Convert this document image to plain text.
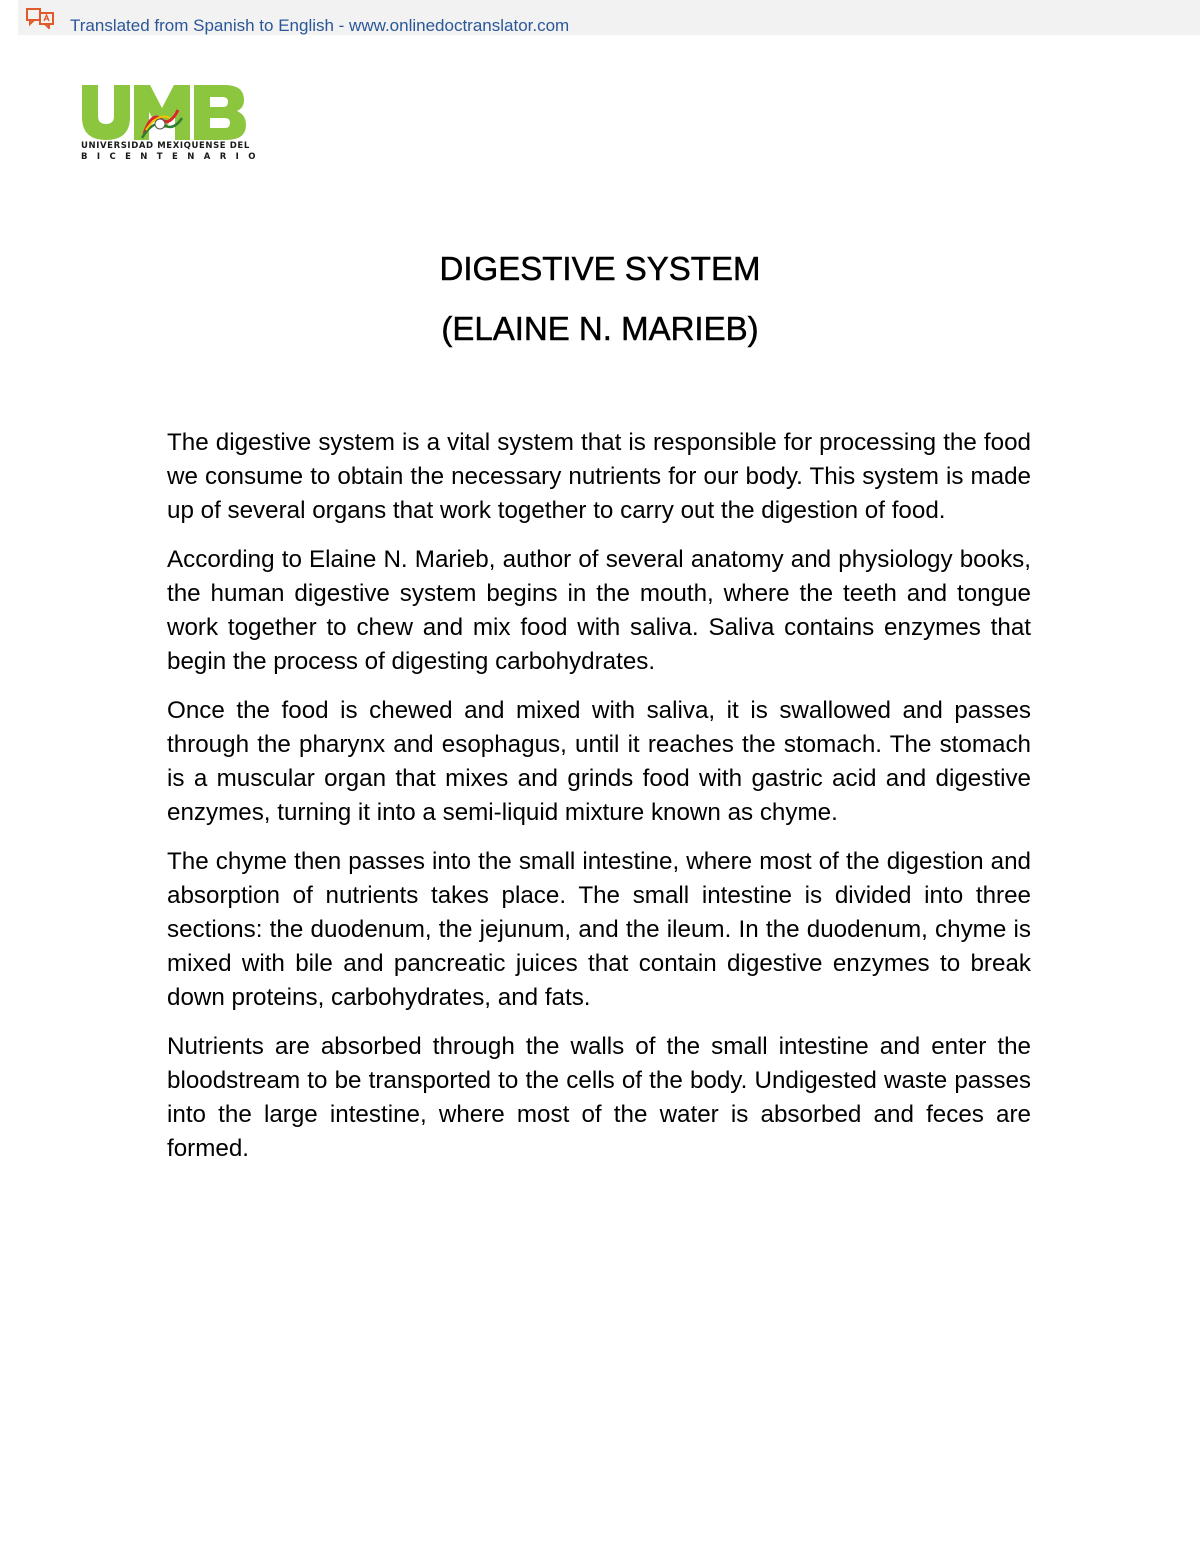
Translated from Spanish to English - www.onlinedoctranslator.com
UNIVERSIDAD MEXIQUENSE DEL
BICENTENARIO
DIGESTIVE SYSTEM
(ELAINE N. MARIEB)

The digestive system is a vital system that is responsible for processing the food we consume to obtain the necessary nutrients for our body. This system is made up of several organs that work together to carry out the digestion of food.

According to Elaine N. Marieb, author of several anatomy and physiology books, the human digestive system begins in the mouth, where the teeth and tongue work together to chew and mix food with saliva. Saliva contains enzymes that begin the process of digesting carbohydrates.

Once the food is chewed and mixed with saliva, it is swallowed and passes through the pharynx and esophagus, until it reaches the stomach. The stomach is a muscular organ that mixes and grinds food with gastric acid and digestive enzymes, turning it into a semi-liquid mixture known as chyme.

The chyme then passes into the small intestine, where most of the digestion and absorption of nutrients takes place. The small intestine is divided into three sections: the duodenum, the jejunum, and the ileum. In the duodenum, chyme is mixed with bile and pancreatic juices that contain digestive enzymes to break down proteins, carbohydrates, and fats.

Nutrients are absorbed through the walls of the small intestine and enter the bloodstream to be transported to the cells of the body. Undigested waste passes into the large intestine, where most of the water is absorbed and feces are formed.
